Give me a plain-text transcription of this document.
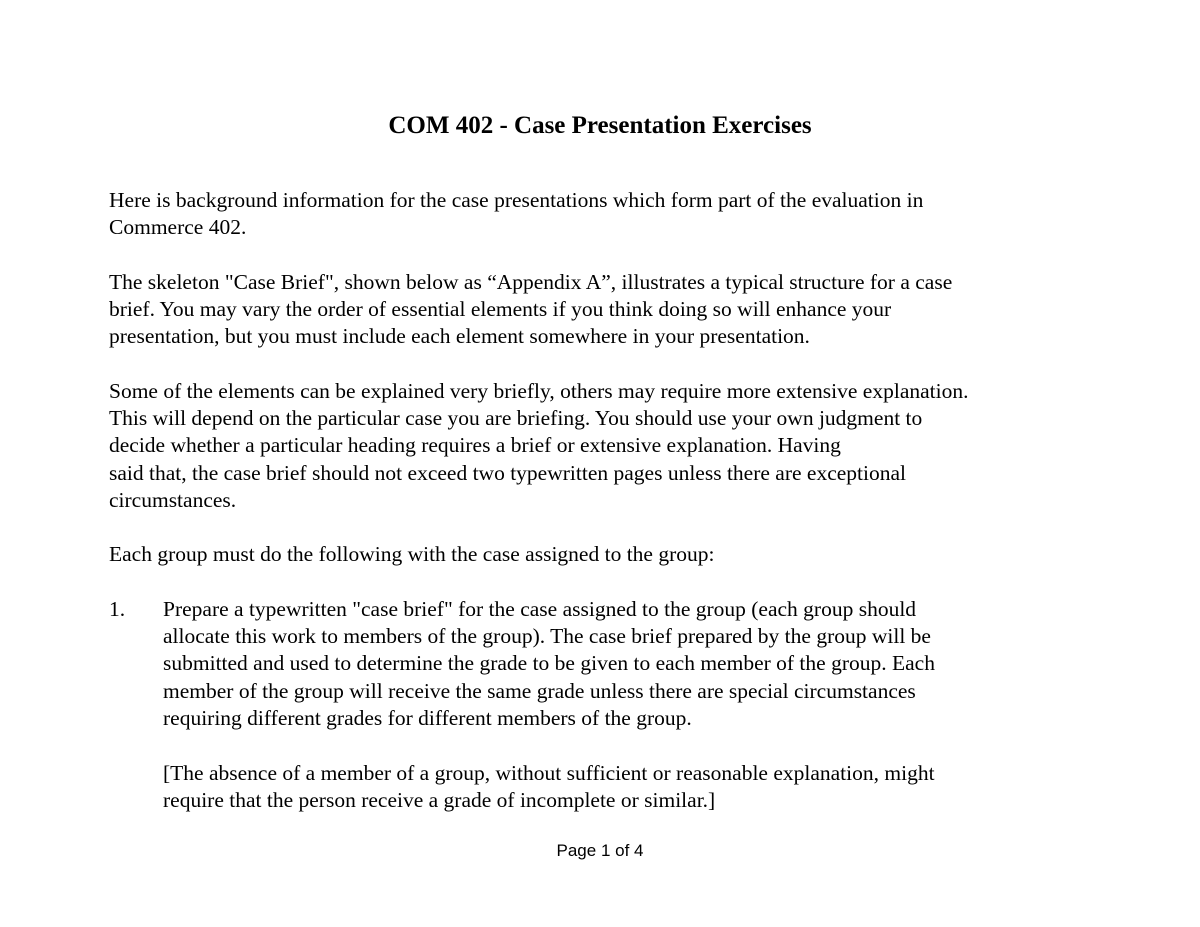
COM 402 - Case Presentation Exercises

Here is background information for the case presentations which form part of the evaluation in
Commerce 402.

The skeleton "Case Brief", shown below as “Appendix A”, illustrates a typical structure for a case
brief. You may vary the order of essential elements if you think doing so will enhance your
presentation, but you must include each element somewhere in your presentation.

Some of the elements can be explained very briefly, others may require more extensive explanation.
This will depend on the particular case you are briefing. You should use your own judgment to
decide whether a particular heading requires a brief or extensive explanation. Having
said that, the case brief should not exceed two typewritten pages unless there are exceptional
circumstances.

Each group must do the following with the case assigned to the group:

1. Prepare a typewritten "case brief" for the case assigned to the group (each group should
allocate this work to members of the group). The case brief prepared by the group will be
submitted and used to determine the grade to be given to each member of the group. Each
member of the group will receive the same grade unless there are special circumstances
requiring different grades for different members of the group.
[The absence of a member of a group, without sufficient or reasonable explanation, might
require that the person receive a grade of incomplete or similar.]
Page 1 of 4
